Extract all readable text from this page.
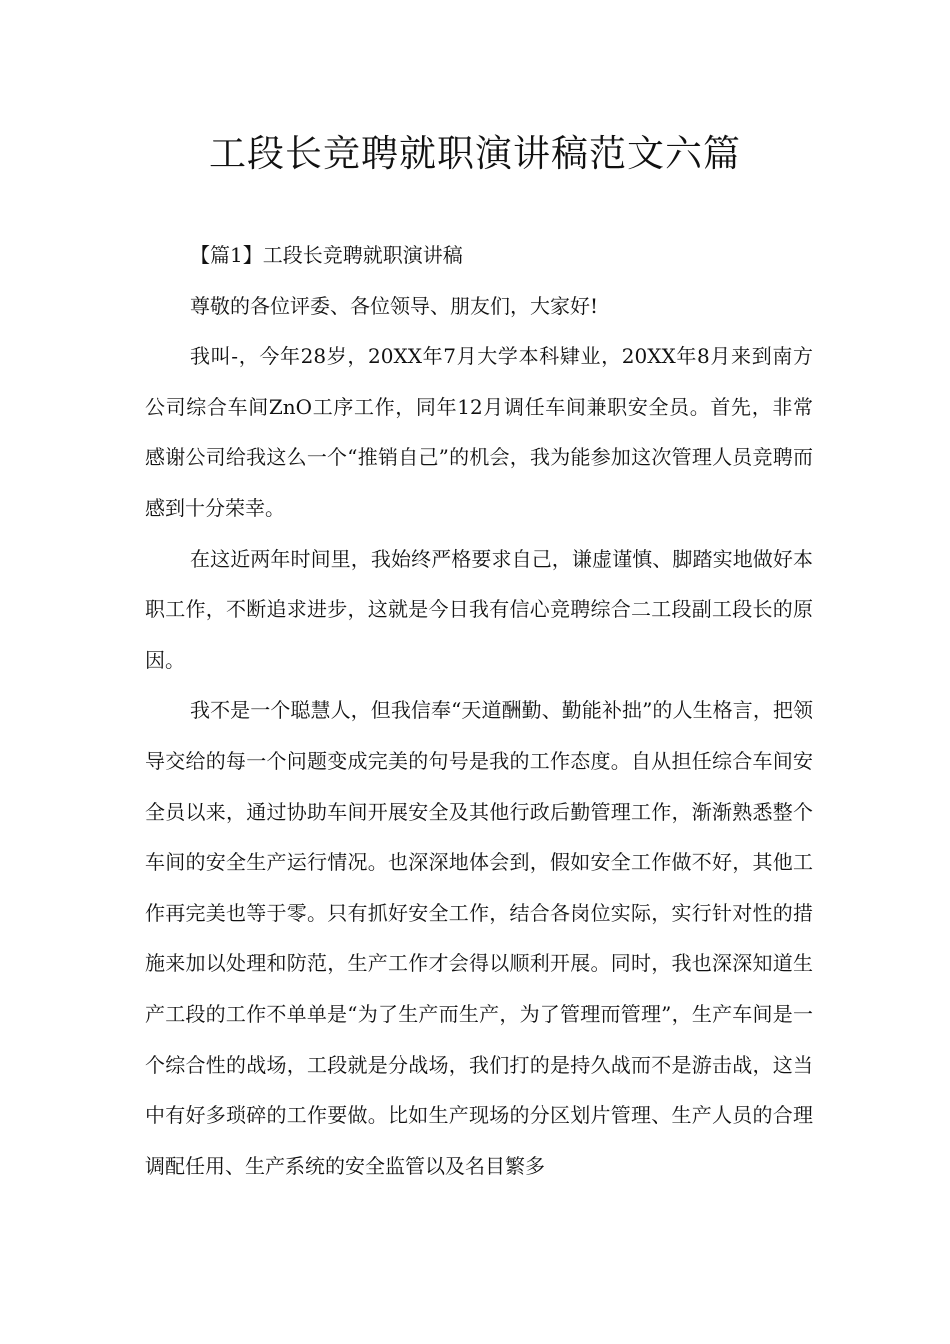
工段长竞聘就职演讲稿范文六篇

【篇1】工段长竞聘就职演讲稿

尊敬的各位评委、各位领导、朋友们，大家好!

我叫-，今年28岁，20XX年7月大学本科肄业，20XX年8月来到南方公司综合车间ZnO工序工作，同年12月调任车间兼职安全员。首先，非常感谢公司给我这么一个“推销自己”的机会，我为能参加这次管理人员竞聘而感到十分荣幸。

在这近两年时间里，我始终严格要求自己，谦虚谨慎、脚踏实地做好本职工作，不断追求进步，这就是今日我有信心竞聘综合二工段副工段长的原因。

我不是一个聪慧人，但我信奉“天道酬勤、勤能补拙”的人生格言，把领导交给的每一个问题变成完美的句号是我的工作态度。自从担任综合车间安全员以来，通过协助车间开展安全及其他行政后勤管理工作，渐渐熟悉整个车间的安全生产运行情况。也深深地体会到，假如安全工作做不好，其他工作再完美也等于零。只有抓好安全工作，结合各岗位实际，实行针对性的措施来加以处理和防范，生产工作才会得以顺利开展。同时，我也深深知道生产工段的工作不单单是“为了生产而生产，为了管理而管理”，生产车间是一个综合性的战场，工段就是分战场，我们打的是持久战而不是游击战，这当中有好多琐碎的工作要做。比如生产现场的分区划片管理、生产人员的合理调配任用、生产系统的安全监管以及名目繁多
